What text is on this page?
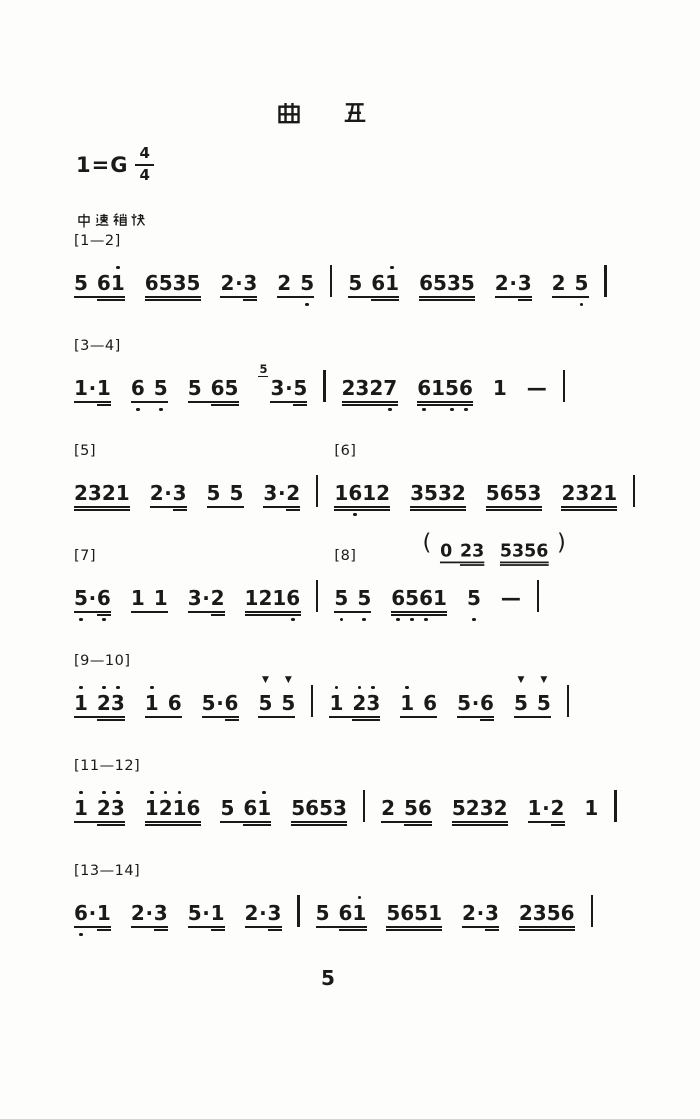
$1=G \frac{4}{4}$
[1—2]
5
6 1 6 5 3 5 2 · 3 2
5 5
6 1 6 5 3 5 2 · 3 2
5
[3—4]
1 · 1 6
5 5
6 5
5
3 · 5 2 3 2 7 6 1 5 6 1 —
[5]
2 3 2 1 2 · 3 5
5 3 · 2
[6]
1 6 1 2 3 5 3 2 5 6 5 3 2 3 2 1
[7]
5 · 6 1
1 3 · 2 1 2 1 6
[8]
5
5 6 5 6 1 5 —
( 0
2 3 5 3 5 6 )
[9—10]
1
2 3 1
6 5 · 6
▼
5

▼
5 1
2 3 1
6 5 · 6
▼
5

▼
5
[11—12]
1
2 3 1 2 1 6 5
6 1 5 6 5 3 2
5 6 5 2 3 2 1 · 2 1
[13—14]
6 · 1 2 · 3 5 · 1 2 · 3 5
6 1 5 6 5 1 2 · 3 2 3 5 6
5
